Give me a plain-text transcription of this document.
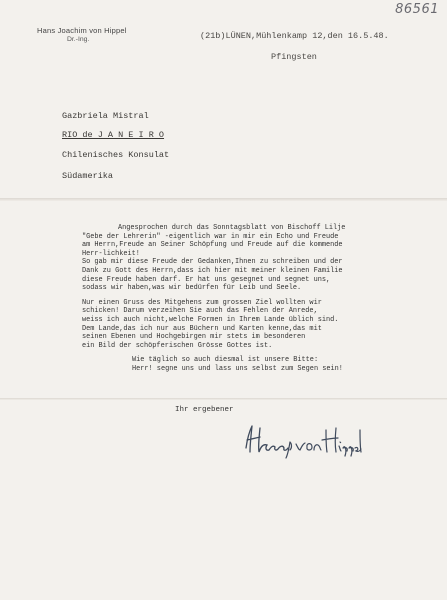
86561
Hans Joachim von Hippel
Dr.-Ing.	(21b)LÜNEN,Mühlenkamp 12,den 16.5.48.
Pfingsten
Gazbriela Mistral
RIO de J A N E I R O
Chilenisches Konsulat
Südamerika

Angesprochen durch das Sonntagsblatt von Bischoff Lilje

"Gebe der Lehrerin" -eigentlich war in mir ein Echo und Freude

am Herrn,Freude an Seiner Schöpfung und Freude auf die kommende

Herr-lichkeit!

So gab mir diese Freude der Gedanken,Ihnen zu schreiben und der

Dank zu Gott des Herrn,dass ich hier mit meiner kleinen Familie

diese Freude haben darf. Er hat uns gesegnet und segnet uns,

sodass wir haben,was wir bedürfen für Leib und Seele.

Nur einen Gruss des Mitgehens zum grossen Ziel wollten wir

schicken! Darum verzeihen Sie auch das Fehlen der Anrede,

weiss ich auch nicht,welche Formen in Ihrem Lande üblich sind.

Dem Lande,das ich nur aus Büchern und Karten kenne,das mit

seinen Ebenen und Hochgebirgen mir stets im besonderen

ein Bild der schöpferischen Grösse Gottes ist.

Wie täglich so auch diesmal ist unsere Bitte:

Herr! segne uns und lass uns selbst zum Segen sein!

Ihr ergebener
